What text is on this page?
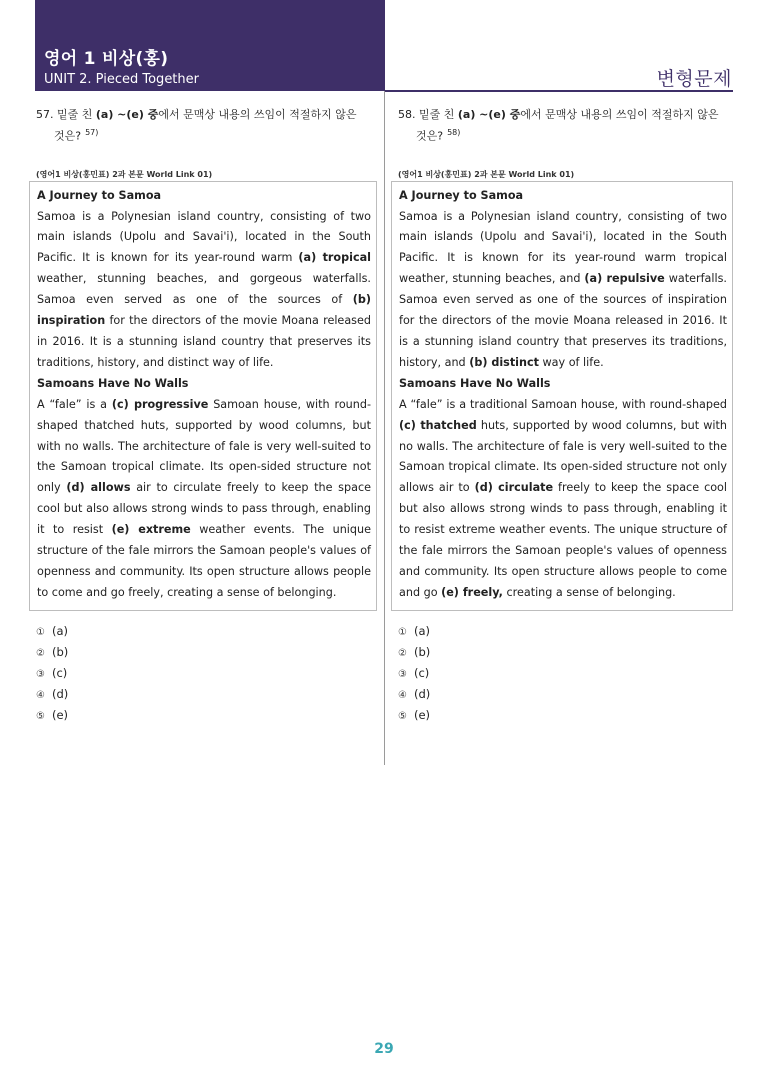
영어 1 비상(홍)
UNIT 2. Pieced Together	변형문제
57. 밑줄 친 (a) ~(e) 중에서 문맥상 내용의 쓰임이 적절하지 않은
것은? $^{57)}$
(영어1 비상(홍민표) 2과 본문 World Link 01)

A Journey to Samoa

Samoa is a Polynesian island country, consisting of two main islands (Upolu and Savai'i), located in the South Pacific. It is known for its year-round warm (a) tropical weather, stunning beaches, and gorgeous waterfalls. Samoa even served as one of the sources of (b) inspiration for the directors of the movie Moana released in 2016. It is a stunning island country that preserves its traditions, history, and distinct way of life.

Samoans Have No Walls

A “fale” is a (c) progressive Samoan house, with round-shaped thatched huts, supported by wood columns, but with no walls. The architecture of fale is very well-suited to the Samoan tropical climate. Its open-sided structure not only (d) allows air to circulate freely to keep the space cool but also allows strong winds to pass through, enabling it to resist (e) extreme weather events. The unique structure of the fale mirrors the Samoan people's values of openness and community. Its open structure allows people to come and go freely, creating a sense of belonging.

① (a)
② (b)
③ (c)
④ (d)
⑤ (e)
58. 밑줄 친 (a) ~(e) 중에서 문맥상 내용의 쓰임이 적절하지 않은
것은? $^{58)}$
(영어1 비상(홍민표) 2과 본문 World Link 01)

A Journey to Samoa

Samoa is a Polynesian island country, consisting of two main islands (Upolu and Savai'i), located in the South Pacific. It is known for its year-round warm tropical weather, stunning beaches, and (a) repulsive waterfalls. Samoa even served as one of the sources of inspiration for the directors of the movie Moana released in 2016. It is a stunning island country that preserves its traditions, history, and (b) distinct way of life.

Samoans Have No Walls

A “fale” is a traditional Samoan house, with round-shaped (c) thatched huts, supported by wood columns, but with no walls. The architecture of fale is very well-suited to the Samoan tropical climate. Its open-sided structure not only allows air to (d) circulate freely to keep the space cool but also allows strong winds to pass through, enabling it to resist extreme weather events. The unique structure of the fale mirrors the Samoan people's values of openness and community. Its open structure allows people to come and go (e) freely, creating a sense of belonging.

① (a)
② (b)
③ (c)
④ (d)
⑤ (e)
29
